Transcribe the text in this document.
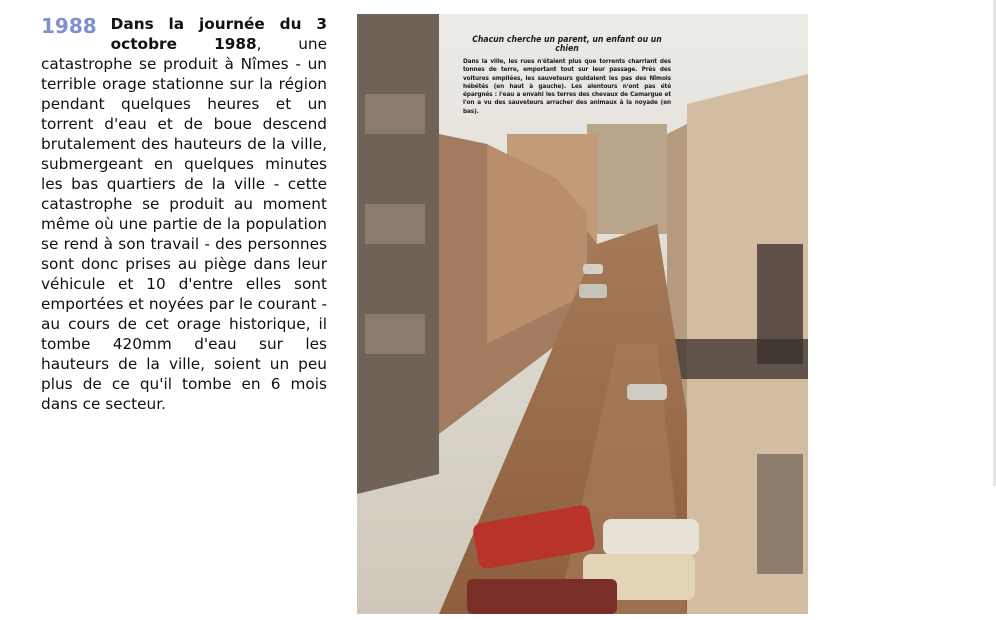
1988 Dans la journée du 3 octobre 1988, une catastrophe se produit à Nîmes - un terrible orage stationne sur la région pendant quelques heures et un torrent d'eau et de boue descend brutalement des hauteurs de la ville, submergeant en quelques minutes les bas quartiers de la ville - cette catastrophe se produit au moment même où une partie de la population se rend à son travail - des personnes sont donc prises au piège dans leur véhicule et 10 d'entre elles sont emportées et noyées par le courant - au cours de cet orage historique, il tombe 420mm d'eau sur les hauteurs de la ville, soient un peu plus de ce qu'il tombe en 6 mois dans ce secteur.
Chacun cherche un parent, un enfant ou un chien
Dans la ville, les rues n'étaient plus que torrents charriant des tonnes de terre, emportant tout sur leur passage. Près des voitures empilées, les sauveteurs guidaient les pas des Nîmois hébétés (en haut à gauche). Les alentours n'ont pas été épargnés : l'eau a envahi les terres des chevaux de Camargue et l'on a vu des sauveteurs arracher des animaux à la noyade (en bas).
